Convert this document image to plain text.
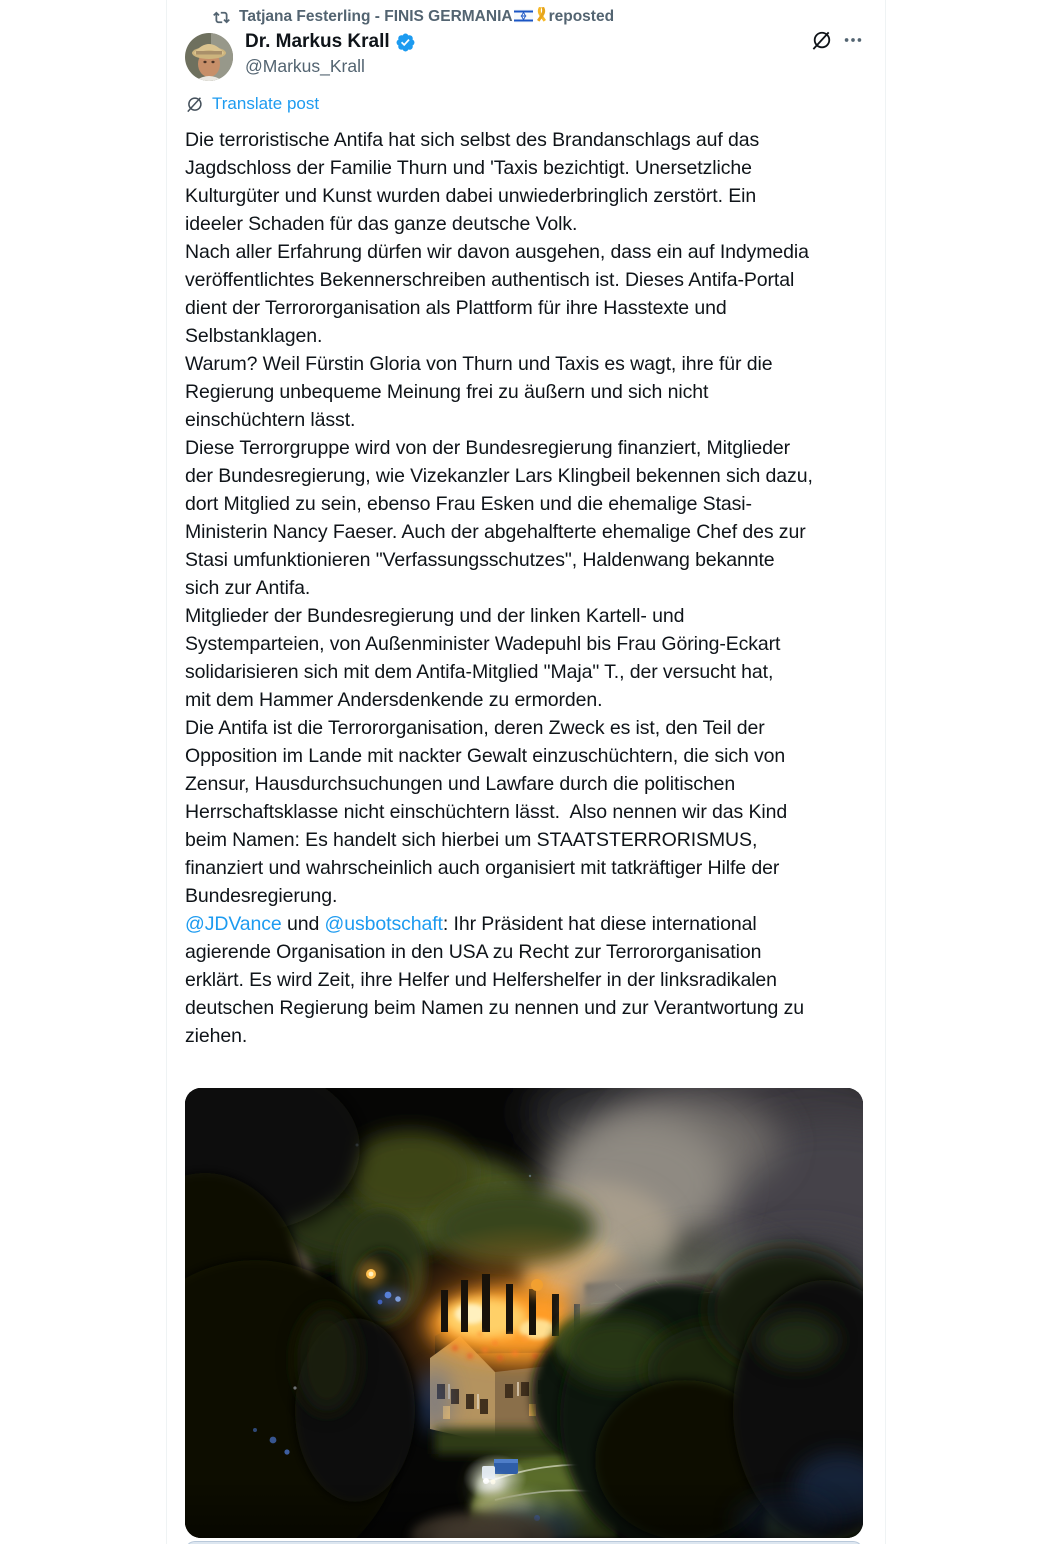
Tatjana Festerling - FINIS GERMANIA reposted
Dr. Markus Krall
@Markus_Krall
Translate post
Die terroristische Antifa hat sich selbst des Brandanschlags auf das
Jagdschloss der Familie Thurn und 'Taxis bezichtigt. Unersetzliche
Kulturgüter und Kunst wurden dabei unwiederbringlich zerstört. Ein
ideeler Schaden für das ganze deutsche Volk.
Nach aller Erfahrung dürfen wir davon ausgehen, dass ein auf Indymedia
veröffentlichtes Bekennerschreiben authentisch ist. Dieses Antifa-Portal
dient der Terrororganisation als Plattform für ihre Hasstexte und
Selbstanklagen.
Warum? Weil Fürstin Gloria von Thurn und Taxis es wagt, ihre für die
Regierung unbequeme Meinung frei zu äußern und sich nicht
einschüchtern lässt.
Diese Terrorgruppe wird von der Bundesregierung finanziert, Mitglieder
der Bundesregierung, wie Vizekanzler Lars Klingbeil bekennen sich dazu,
dort Mitglied zu sein, ebenso Frau Esken und die ehemalige Stasi-
Ministerin Nancy Faeser. Auch der abgehalfterte ehemalige Chef des zur
Stasi umfunktionieren "Verfassungsschutzes", Haldenwang bekannte
sich zur Antifa.
Mitglieder der Bundesregierung und der linken Kartell- und
Systemparteien, von Außenminister Wadepuhl bis Frau Göring-Eckart
solidarisieren sich mit dem Antifa-Mitglied "Maja" T., der versucht hat,
mit dem Hammer Andersdenkende zu ermorden.
Die Antifa ist die Terrororganisation, deren Zweck es ist, den Teil der
Opposition im Lande mit nackter Gewalt einzuschüchtern, die sich von
Zensur, Hausdurchsuchungen und Lawfare durch die politischen
Herrschaftsklasse nicht einschüchtern lässt.  Also nennen wir das Kind
beim Namen: Es handelt sich hierbei um STAATSTERRORISMUS,
finanziert und wahrscheinlich auch organisiert mit tatkräftiger Hilfe der
Bundesregierung.
@JDVance und @usbotschaft: Ihr Präsident hat diese international
agierende Organisation in den USA zu Recht zur Terrororganisation
erklärt. Es wird Zeit, ihre Helfer und Helfershelfer in der linksradikalen
deutschen Regierung beim Namen zu nennen und zur Verantwortung zu
ziehen.
